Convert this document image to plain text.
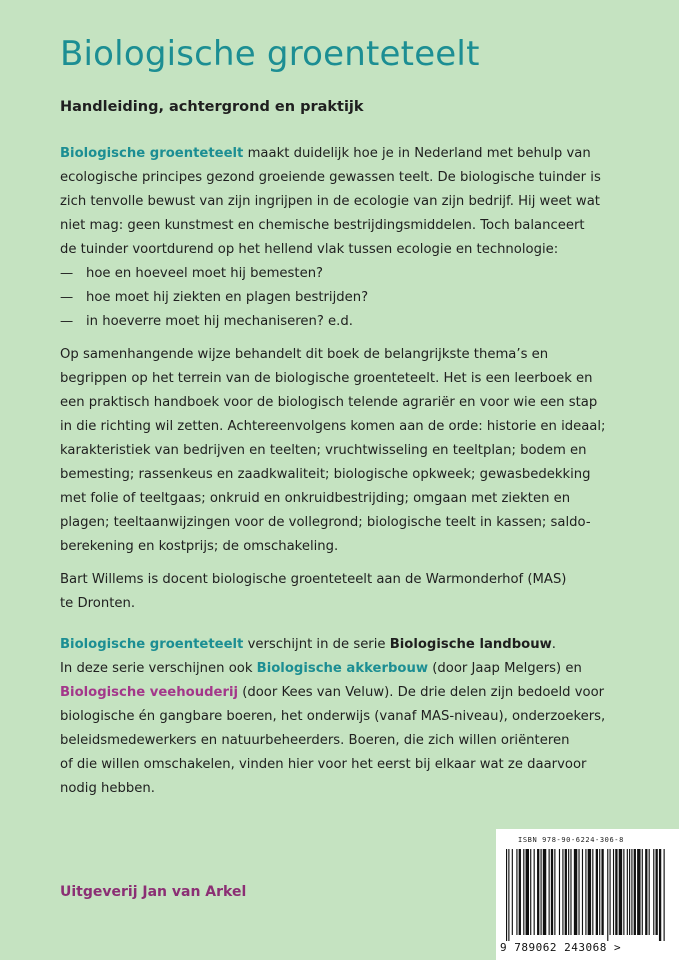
Biologische groenteteelt
Handleiding, achtergrond en praktijk
Biologische groenteteelt maakt duidelijk hoe je in Nederland met behulp van
ecologische principes gezond groeiende gewassen teelt. De biologische tuinder is
zich tenvolle bewust van zijn ingrijpen in de ecologie van zijn bedrijf. Hij weet wat
niet mag: geen kunstmest en chemische bestrijdingsmiddelen. Toch balanceert
de tuinder voortdurend op het hellend vlak tussen ecologie en technologie:
— hoe en hoeveel moet hij bemesten?
— hoe moet hij ziekten en plagen bestrijden?
— in hoeverre moet hij mechaniseren? e.d.
Op samenhangende wijze behandelt dit boek de belangrijkste thema’s en
begrippen op het terrein van de biologische groenteteelt. Het is een leerboek en
een praktisch handboek voor de biologisch telende agrariër en voor wie een stap
in die richting wil zetten. Achtereenvolgens komen aan de orde: historie en ideaal;
karakteristiek van bedrijven en teelten; vruchtwisseling en teeltplan; bodem en
bemesting; rassenkeus en zaadkwaliteit; biologische opkweek; gewasbedekking
met folie of teeltgaas; onkruid en onkruidbestrijding; omgaan met ziekten en
plagen; teeltaanwijzingen voor de vollegrond; biologische teelt in kassen; saldo-
berekening en kostprijs; de omschakeling.
Bart Willems is docent biologische groenteteelt aan de Warmonderhof (MAS)
te Dronten.
Biologische groenteteelt verschijnt in de serie Biologische landbouw.
In deze serie verschijnen ook Biologische akkerbouw (door Jaap Melgers) en
Biologische veehouderij (door Kees van Veluw). De drie delen zijn bedoeld voor
biologische én gangbare boeren, het onderwijs (vanaf MAS-niveau), onderzoekers,
beleidsmedewerkers en natuurbeheerders. Boeren, die zich willen oriënteren
of die willen omschakelen, vinden hier voor het eerst bij elkaar wat ze daarvoor
nodig hebben.
Uitgeverij Jan van Arkel
ISBN 978-90-6224-306-8
9 789062 243068 >
